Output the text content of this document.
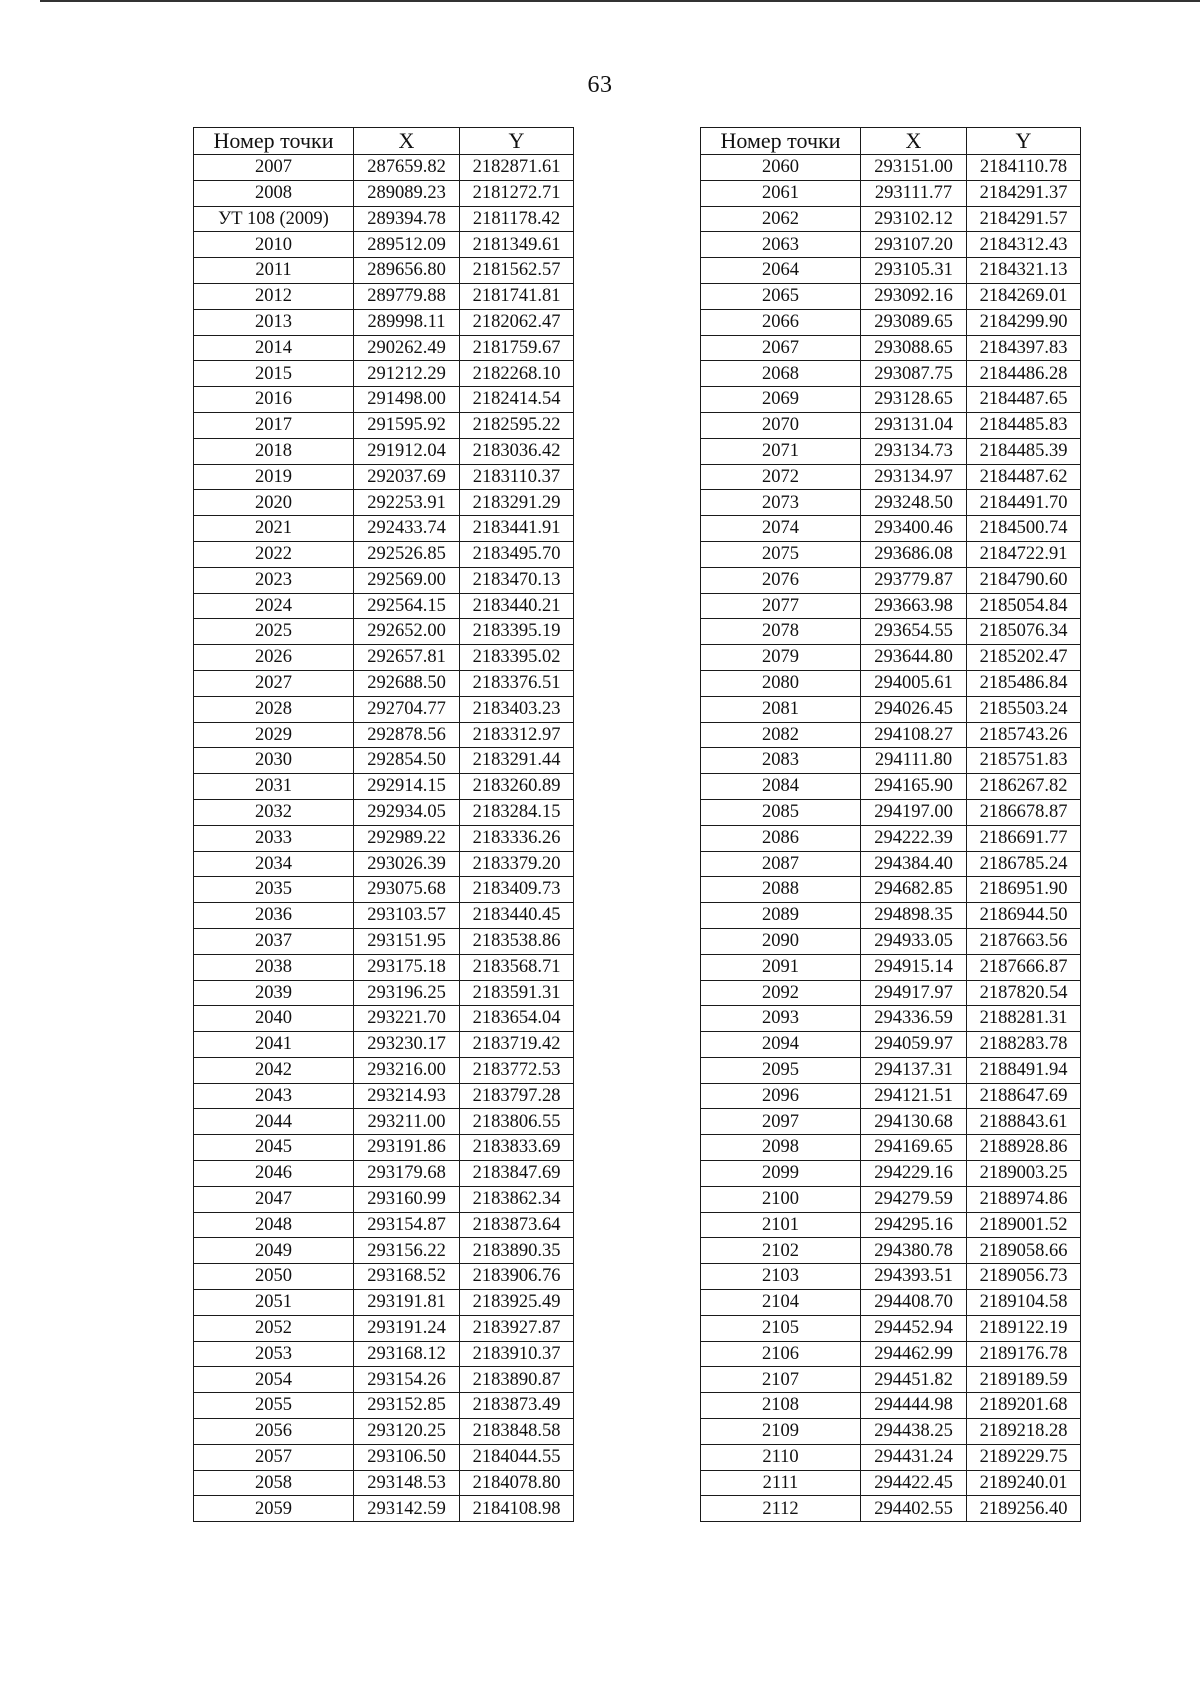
63
Номер точки	X	Y
2007	287659.82	2182871.61
2008	289089.23	2181272.71
УТ 108 (2009)	289394.78	2181178.42
2010	289512.09	2181349.61
2011	289656.80	2181562.57
2012	289779.88	2181741.81
2013	289998.11	2182062.47
2014	290262.49	2181759.67
2015	291212.29	2182268.10
2016	291498.00	2182414.54
2017	291595.92	2182595.22
2018	291912.04	2183036.42
2019	292037.69	2183110.37
2020	292253.91	2183291.29
2021	292433.74	2183441.91
2022	292526.85	2183495.70
2023	292569.00	2183470.13
2024	292564.15	2183440.21
2025	292652.00	2183395.19
2026	292657.81	2183395.02
2027	292688.50	2183376.51
2028	292704.77	2183403.23
2029	292878.56	2183312.97
2030	292854.50	2183291.44
2031	292914.15	2183260.89
2032	292934.05	2183284.15
2033	292989.22	2183336.26
2034	293026.39	2183379.20
2035	293075.68	2183409.73
2036	293103.57	2183440.45
2037	293151.95	2183538.86
2038	293175.18	2183568.71
2039	293196.25	2183591.31
2040	293221.70	2183654.04
2041	293230.17	2183719.42
2042	293216.00	2183772.53
2043	293214.93	2183797.28
2044	293211.00	2183806.55
2045	293191.86	2183833.69
2046	293179.68	2183847.69
2047	293160.99	2183862.34
2048	293154.87	2183873.64
2049	293156.22	2183890.35
2050	293168.52	2183906.76
2051	293191.81	2183925.49
2052	293191.24	2183927.87
2053	293168.12	2183910.37
2054	293154.26	2183890.87
2055	293152.85	2183873.49
2056	293120.25	2183848.58
2057	293106.50	2184044.55
2058	293148.53	2184078.80
2059	293142.59	2184108.98
Номер точки	X	Y
2060	293151.00	2184110.78
2061	293111.77	2184291.37
2062	293102.12	2184291.57
2063	293107.20	2184312.43
2064	293105.31	2184321.13
2065	293092.16	2184269.01
2066	293089.65	2184299.90
2067	293088.65	2184397.83
2068	293087.75	2184486.28
2069	293128.65	2184487.65
2070	293131.04	2184485.83
2071	293134.73	2184485.39
2072	293134.97	2184487.62
2073	293248.50	2184491.70
2074	293400.46	2184500.74
2075	293686.08	2184722.91
2076	293779.87	2184790.60
2077	293663.98	2185054.84
2078	293654.55	2185076.34
2079	293644.80	2185202.47
2080	294005.61	2185486.84
2081	294026.45	2185503.24
2082	294108.27	2185743.26
2083	294111.80	2185751.83
2084	294165.90	2186267.82
2085	294197.00	2186678.87
2086	294222.39	2186691.77
2087	294384.40	2186785.24
2088	294682.85	2186951.90
2089	294898.35	2186944.50
2090	294933.05	2187663.56
2091	294915.14	2187666.87
2092	294917.97	2187820.54
2093	294336.59	2188281.31
2094	294059.97	2188283.78
2095	294137.31	2188491.94
2096	294121.51	2188647.69
2097	294130.68	2188843.61
2098	294169.65	2188928.86
2099	294229.16	2189003.25
2100	294279.59	2188974.86
2101	294295.16	2189001.52
2102	294380.78	2189058.66
2103	294393.51	2189056.73
2104	294408.70	2189104.58
2105	294452.94	2189122.19
2106	294462.99	2189176.78
2107	294451.82	2189189.59
2108	294444.98	2189201.68
2109	294438.25	2189218.28
2110	294431.24	2189229.75
2111	294422.45	2189240.01
2112	294402.55	2189256.40
